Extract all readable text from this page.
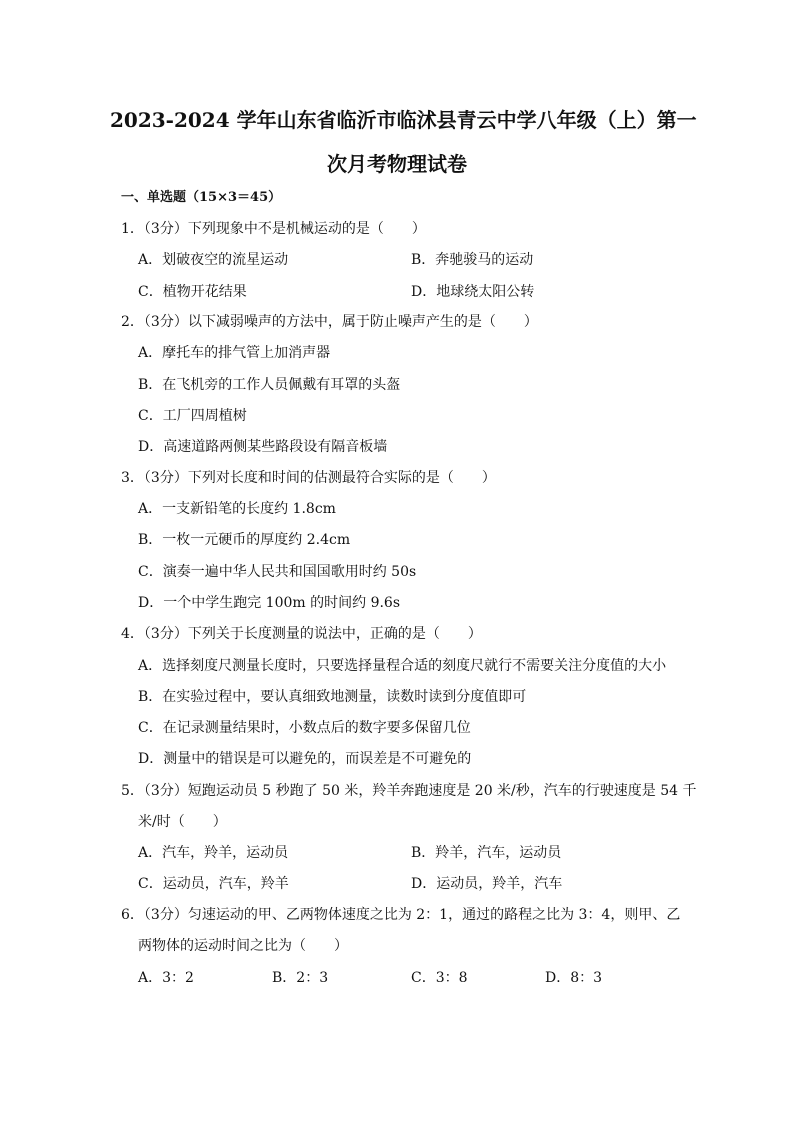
2023-2024 学年山东省临沂市临沭县青云中学八年级（上）第一
次月考物理试卷
一、单选题（15×3＝45）
1．（3分）下列现象中不是机械运动的是（　　）
A．划破夜空的流星运动	B．奔驰骏马的运动
C．植物开花结果	D．地球绕太阳公转
2．（3分）以下减弱噪声的方法中，属于防止噪声产生的是（　　）
A．摩托车的排气管上加消声器
B．在飞机旁的工作人员佩戴有耳罩的头盔
C．工厂四周植树
D．高速道路两侧某些路段设有隔音板墙
3．（3分）下列对长度和时间的估测最符合实际的是（　　）
A．一支新铅笔的长度约 1.8cm
B．一枚一元硬币的厚度约 2.4cm
C．演奏一遍中华人民共和国国歌用时约 50s
D．一个中学生跑完 100m 的时间约 9.6s
4．（3分）下列关于长度测量的说法中，正确的是（　　）
A．选择刻度尺测量长度时，只要选择量程合适的刻度尺就行不需要关注分度值的大小
B．在实验过程中，要认真细致地测量，读数时读到分度值即可
C．在记录测量结果时，小数点后的数字要多保留几位
D．测量中的错误是可以避免的，而误差是不可避免的
5．（3分）短跑运动员 5 秒跑了 50 米，羚羊奔跑速度是 20 米/秒，汽车的行驶速度是 54 千
米/时（　　）
A．汽车，羚羊，运动员	B．羚羊，汽车，运动员
C．运动员，汽车，羚羊	D．运动员，羚羊，汽车
6．（3分）匀速运动的甲、乙两物体速度之比为 2：1，通过的路程之比为 3：4，则甲、乙
两物体的运动时间之比为（　　）
A．3：2	B．2：3	C．3：8	D．8：3
